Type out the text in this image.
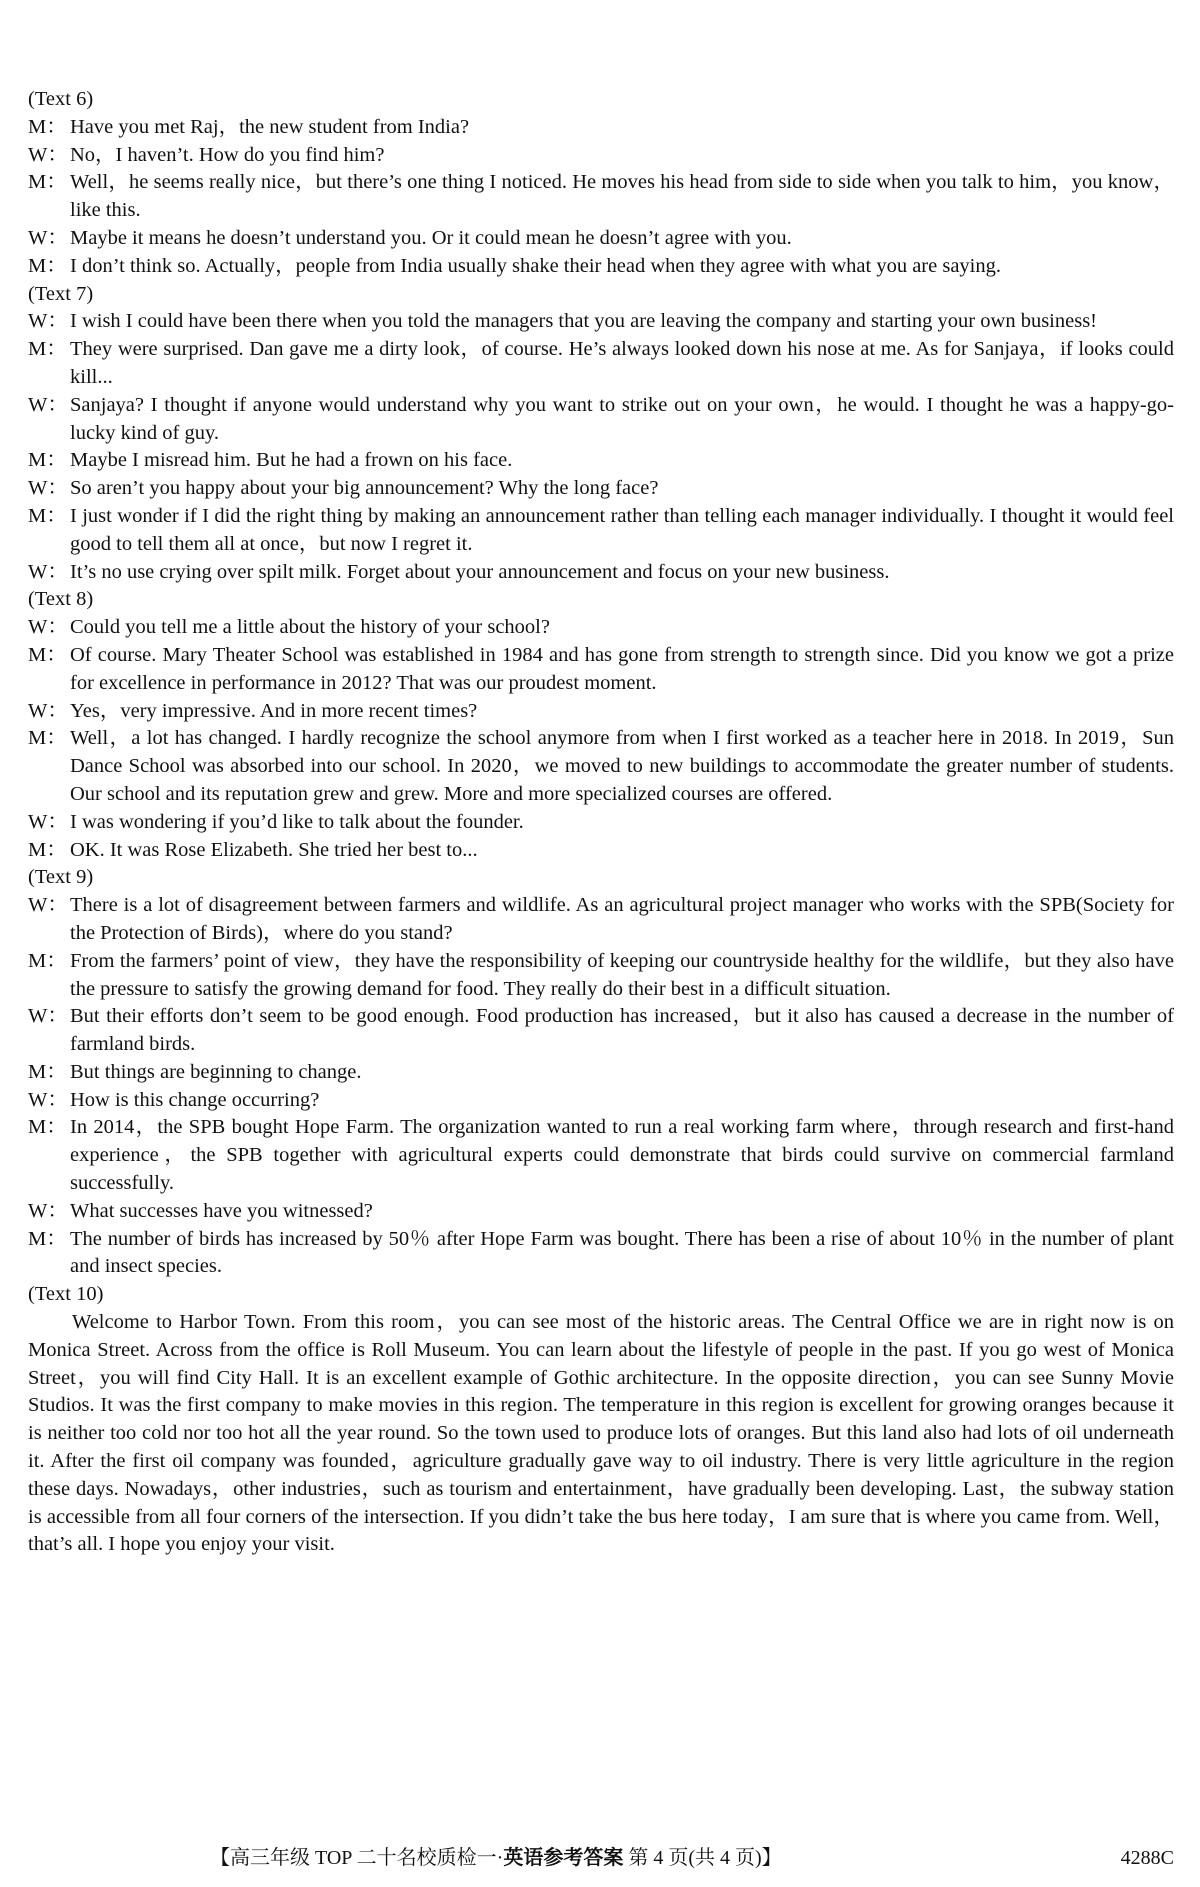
(Text 6)
M： Have you met Raj，the new student from India?
W： No，I haven’t. How do you find him?
M： Well，he seems really nice，but there’s one thing I noticed. He moves his head from side to side when you talk to him，you know，like this.
W： Maybe it means he doesn’t understand you. Or it could mean he doesn’t agree with you.
M： I don’t think so. Actually，people from India usually shake their head when they agree with what you are saying.
(Text 7)
W： I wish I could have been there when you told the managers that you are leaving the company and starting your own business!
M： They were surprised. Dan gave me a dirty look，of course. He’s always looked down his nose at me. As for Sanjaya，if looks could kill...
W： Sanjaya? I thought if anyone would understand why you want to strike out on your own，he would. I thought he was a happy-go-lucky kind of guy.
M： Maybe I misread him. But he had a frown on his face.
W： So aren’t you happy about your big announcement? Why the long face?
M： I just wonder if I did the right thing by making an announcement rather than telling each manager individually. I thought it would feel good to tell them all at once，but now I regret it.
W： It’s no use crying over spilt milk. Forget about your announcement and focus on your new business.
(Text 8)
W： Could you tell me a little about the history of your school?
M： Of course. Mary Theater School was established in 1984 and has gone from strength to strength since. Did you know we got a prize for excellence in performance in 2012? That was our proudest moment.
W： Yes，very impressive. And in more recent times?
M： Well，a lot has changed. I hardly recognize the school anymore from when I first worked as a teacher here in 2018. In 2019，Sun Dance School was absorbed into our school. In 2020，we moved to new buildings to accommodate the greater number of students. Our school and its reputation grew and grew. More and more specialized courses are offered.
W： I was wondering if you’d like to talk about the founder.
M： OK. It was Rose Elizabeth. She tried her best to...
(Text 9)
W： There is a lot of disagreement between farmers and wildlife. As an agricultural project manager who works with the SPB(Society for the Protection of Birds)，where do you stand?
M： From the farmers’ point of view，they have the responsibility of keeping our countryside healthy for the wildlife，but they also have the pressure to satisfy the growing demand for food. They really do their best in a difficult situation.
W： But their efforts don’t seem to be good enough. Food production has increased，but it also has caused a decrease in the number of farmland birds.
M： But things are beginning to change.
W： How is this change occurring?
M： In 2014，the SPB bought Hope Farm. The organization wanted to run a real working farm where，through research and first-hand experience，the SPB together with agricultural experts could demonstrate that birds could survive on commercial farmland successfully.
W： What successes have you witnessed?
M： The number of birds has increased by 50％ after Hope Farm was bought. There has been a rise of about 10％ in the number of plant and insect species.
(Text 10)

Welcome to Harbor Town. From this room，you can see most of the historic areas. The Central Office we are in right now is on Monica Street. Across from the office is Roll Museum. You can learn about the lifestyle of people in the past. If you go west of Monica Street，you will find City Hall. It is an excellent example of Gothic architecture. In the opposite direction，you can see Sunny Movie Studios. It was the first company to make movies in this region. The temperature in this region is excellent for growing oranges because it is neither too cold nor too hot all the year round. So the town used to produce lots of oranges. But this land also had lots of oil underneath it. After the first oil company was founded，agriculture gradually gave way to oil industry. There is very little agriculture in the region these days. Nowadays，other industries，such as tourism and entertainment，have gradually been developing. Last，the subway station is accessible from all four corners of the intersection. If you didn’t take the bus here today，I am sure that is where you came from. Well，that’s all. I hope you enjoy your visit.

【高三年级 TOP 二十名校质检一·英语参考答案 第 4 页(共 4 页)】	4288C
